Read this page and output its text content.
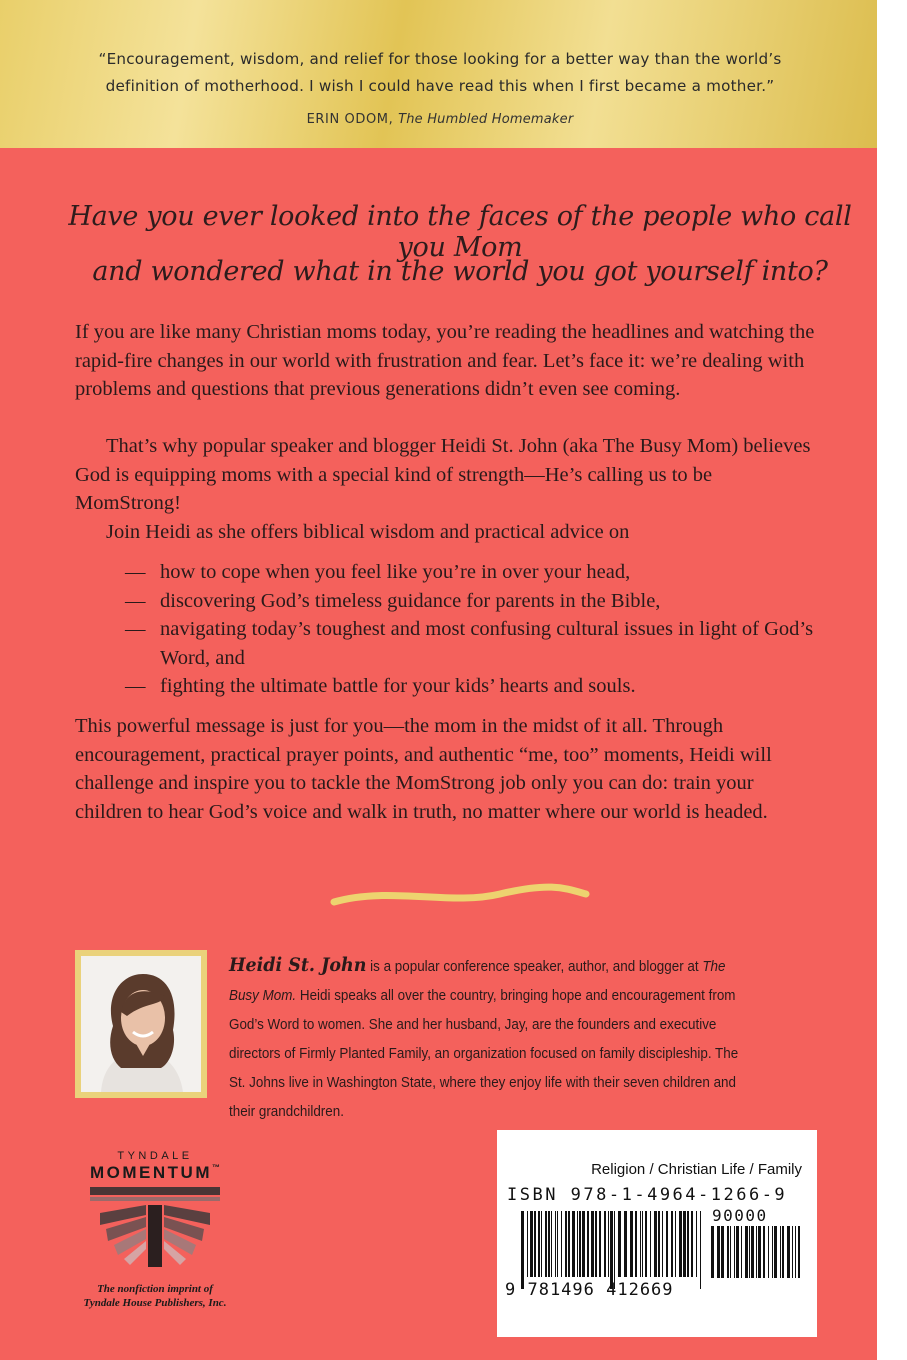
“Encouragement, wisdom, and relief for those looking for a better way than the world’s
definition of motherhood. I wish I could have read this when I first became a mother.”
ERIN ODOM, The Humbled Homemaker
Have you ever looked into the faces of the people who call you Mom
and wondered what in the world you got yourself into?
If you are like many Christian moms today, you’re reading the headlines and watching the rapid-fire changes in our world with frustration and fear. Let’s face it: we’re dealing with problems and questions that previous generations didn’t even see coming.
That’s why popular speaker and blogger Heidi St. John (aka The Busy Mom) believes God is equipping moms with a special kind of strength—He’s calling us to be MomStrong!
Join Heidi as she offers biblical wisdom and practical advice on
— how to cope when you feel like you’re in over your head,
— discovering God’s timeless guidance for parents in the Bible,
— navigating today’s toughest and most confusing cultural issues in light of God’s Word, and
— fighting the ultimate battle for your kids’ hearts and souls.
This powerful message is just for you—the mom in the midst of it all. Through encouragement, practical prayer points, and authentic “me, too” moments, Heidi will challenge and inspire you to tackle the MomStrong job only you can do: train your children to hear God’s voice and walk in truth, no matter where our world is headed.
Heidi St. John is a popular conference speaker, author, and blogger at The Busy Mom. Heidi speaks all over the country, bringing hope and encouragement from God’s Word to women. She and her husband, Jay, are the founders and executive directors of Firmly Planted Family, an organization focused on family discipleship. The St. Johns live in Washington State, where they enjoy life with their seven children and their grandchildren.
TYNDALE
MOMENTUM™
The nonfiction imprint of
Tyndale House Publishers, Inc.
Religion / Christian Life / Family
ISBN 978-1-4964-1266-9
90000
9 781496 412669
